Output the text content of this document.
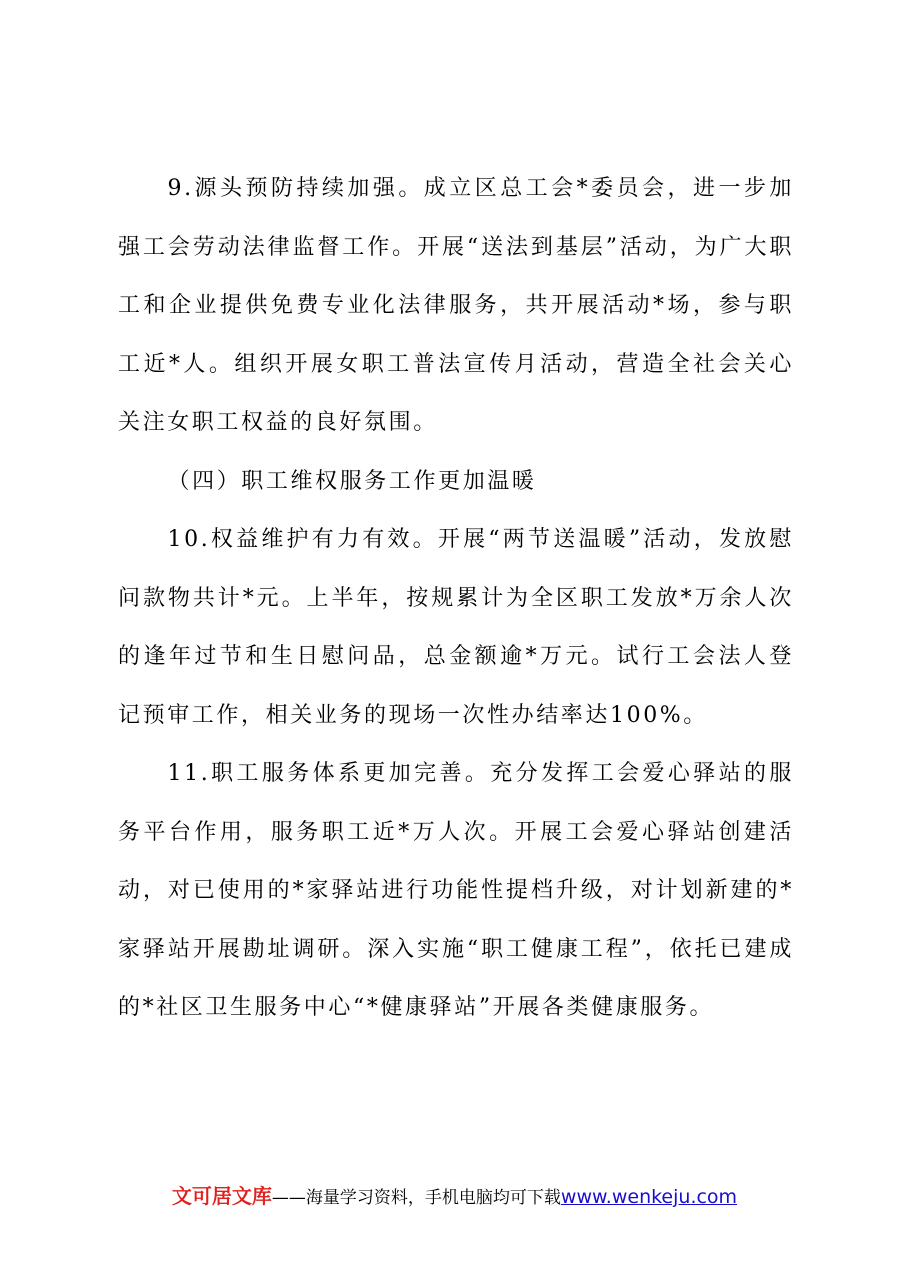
9.源头预防持续加强。成立区总工会*委员会，进一步加强工会劳动法律监督工作。开展“送法到基层”活动，为广大职工和企业提供免费专业化法律服务，共开展活动*场，参与职工近*人。组织开展女职工普法宣传月活动，营造全社会关心关注女职工权益的良好氛围。

（四）职工维权服务工作更加温暖

10.权益维护有力有效。开展“两节送温暖”活动，发放慰问款物共计*元。上半年，按规累计为全区职工发放*万余人次的逢年过节和生日慰问品，总金额逾*万元。试行工会法人登记预审工作，相关业务的现场一次性办结率达100%。

11.职工服务体系更加完善。充分发挥工会爱心驿站的服务平台作用，服务职工近*万人次。开展工会爱心驿站创建活动，对已使用的*家驿站进行功能性提档升级，对计划新建的*家驿站开展勘址调研。深入实施“职工健康工程”，依托已建成的*社区卫生服务中心“*健康驿站”开展各类健康服务。

文可居文库——海量学习资料，手机电脑均可下载www.wenkeju.com
